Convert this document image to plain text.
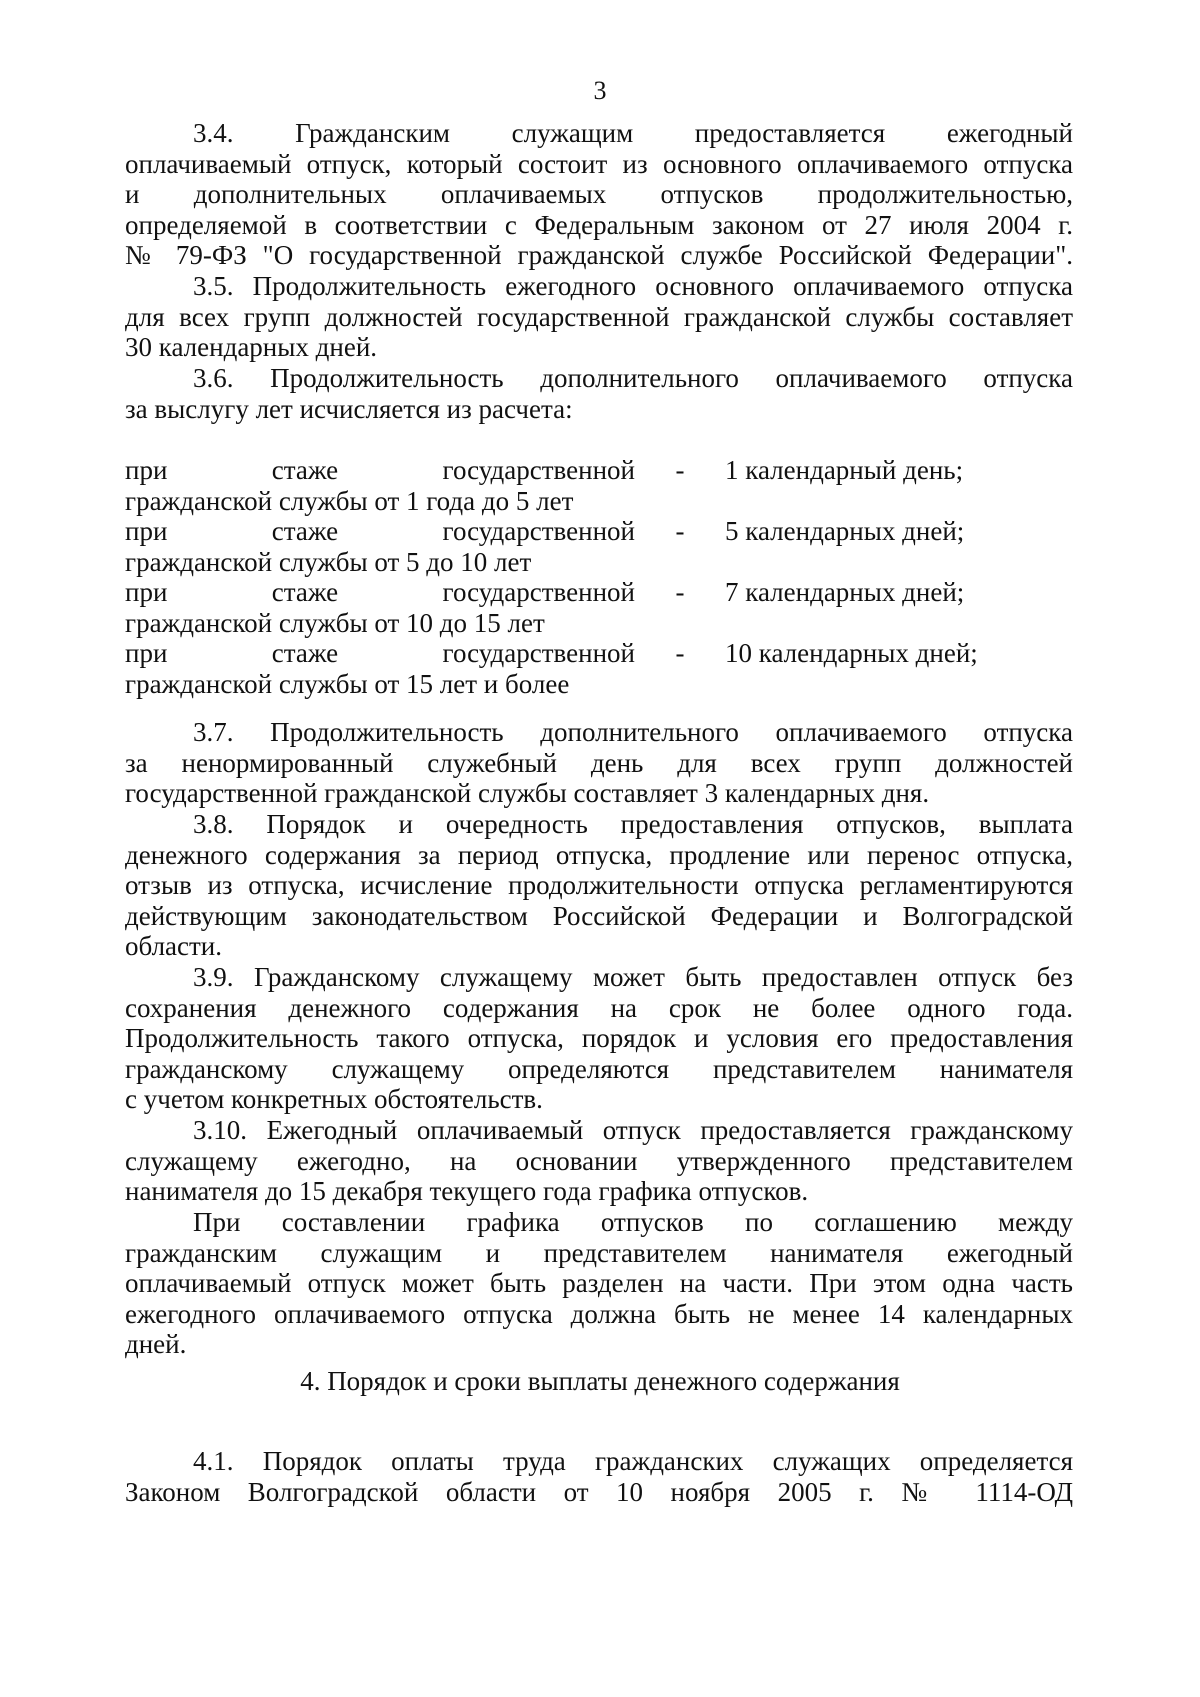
3

3.4. Гражданским служащим предоставляется ежегодный

оплачиваемый отпуск, который состоит из основного оплачиваемого отпуска

и дополнительных оплачиваемых отпусков продолжительностью,

определяемой в соответствии с Федеральным законом от 27 июля 2004 г.

№ 79-ФЗ "О государственной гражданской службе Российской Федерации".

3.5. Продолжительность ежегодного основного оплачиваемого отпуска

для всех групп должностей государственной гражданской службы составляет

30 календарных дней.

3.6. Продолжительность дополнительного оплачиваемого отпуска

за выслугу лет исчисляется из расчета:

при	стаже	государственной	-	1 календарный день;
гражданской службы от 1 года до 5 лет
при	стаже	государственной	-	5 календарных дней;
гражданской службы от 5 до 10 лет
при	стаже	государственной	-	7 календарных дней;
гражданской службы от 10 до 15 лет
при	стаже	государственной	-	10 календарных дней;
гражданской службы от 15 лет и более

3.7. Продолжительность дополнительного оплачиваемого отпуска

за ненормированный служебный день для всех групп должностей

государственной гражданской службы составляет 3 календарных дня.

3.8. Порядок и очередность предоставления отпусков, выплата

денежного содержания за период отпуска, продление или перенос отпуска,

отзыв из отпуска, исчисление продолжительности отпуска регламентируются

действующим законодательством Российской Федерации и Волгоградской

области.

3.9. Гражданскому служащему может быть предоставлен отпуск без

сохранения денежного содержания на срок не более одного года.

Продолжительность такого отпуска, порядок и условия его предоставления

гражданскому служащему определяются представителем нанимателя

с учетом конкретных обстоятельств.

3.10. Ежегодный оплачиваемый отпуск предоставляется гражданскому

служащему ежегодно, на основании утвержденного представителем

нанимателя до 15 декабря текущего года графика отпусков.

При составлении графика отпусков по соглашению между

гражданским служащим и представителем нанимателя ежегодный

оплачиваемый отпуск может быть разделен на части. При этом одна часть

ежегодного оплачиваемого отпуска должна быть не менее 14 календарных

дней.

4. Порядок и сроки выплаты денежного содержания

4.1. Порядок оплаты труда гражданских служащих определяется

Законом Волгоградской области от 10 ноября 2005 г. № 1114-ОД
